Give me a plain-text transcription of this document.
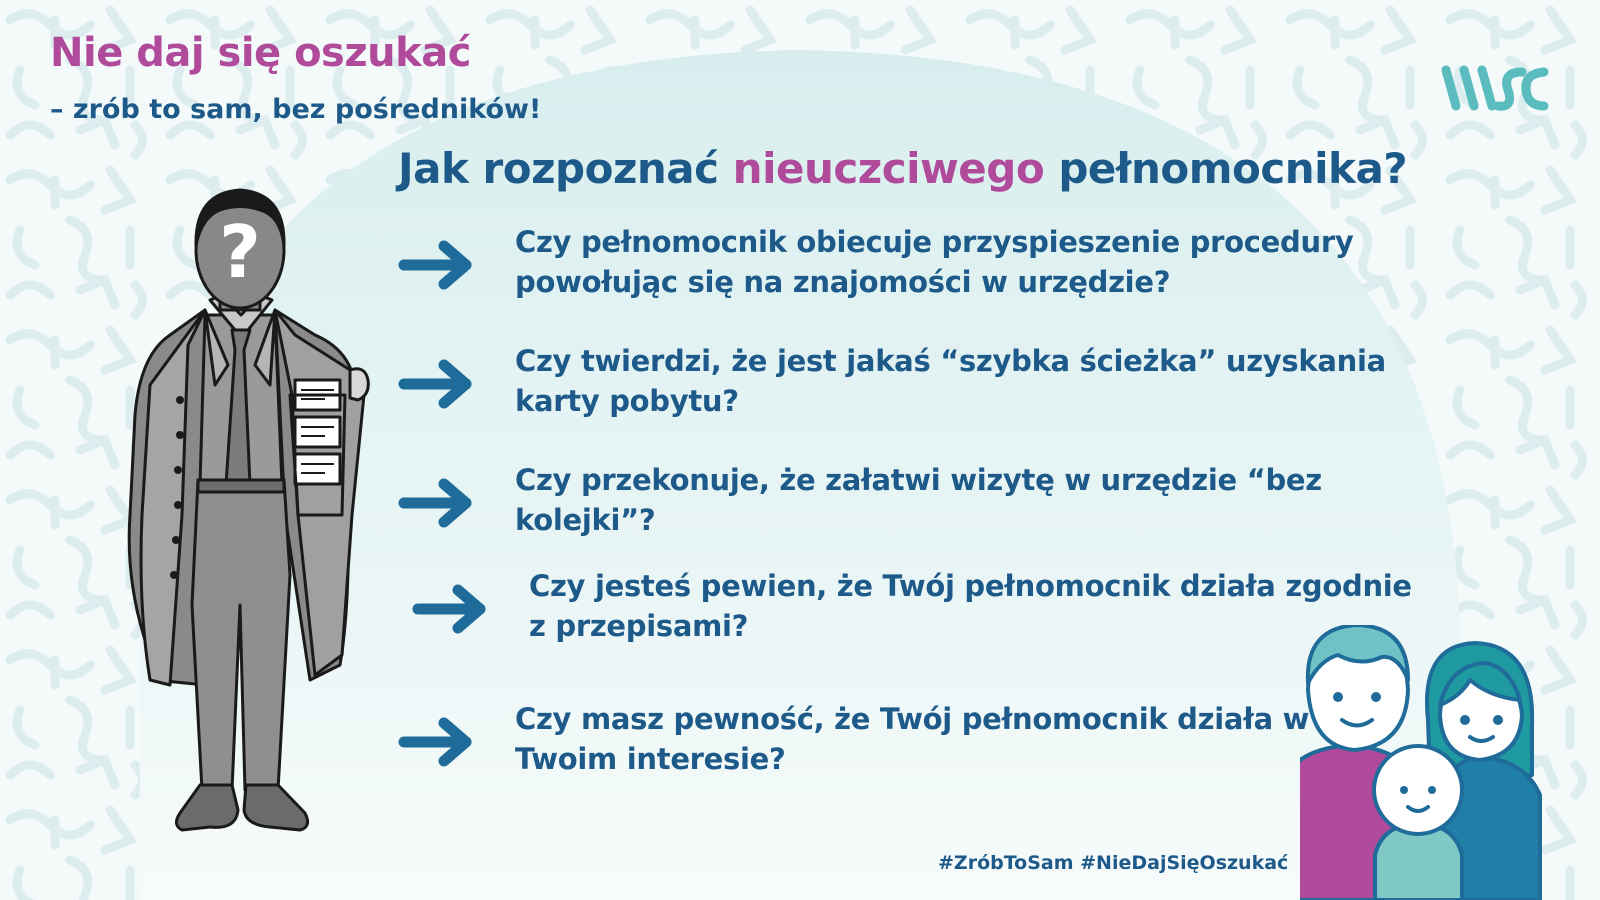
Nie daj się oszukać

– zrób to sam, bez pośredników!

Jak rozpoznać nieuczciwego pełnomocnika?

Czy pełnomocnik obiecuje przyspieszenie procedury
powołując się na znajomości w urzędzie?

Czy twierdzi, że jest jakaś “szybka ścieżka” uzyskania
karty pobytu?

Czy przekonuje, że załatwi wizytę w urzędzie “bez
kolejki”?

Czy jesteś pewien, że Twój pełnomocnik działa zgodnie
z przepisami?

Czy masz pewność, że Twój pełnomocnik działa w
Twoim interesie?

#ZróbToSam #NieDajSięOszukać
?
